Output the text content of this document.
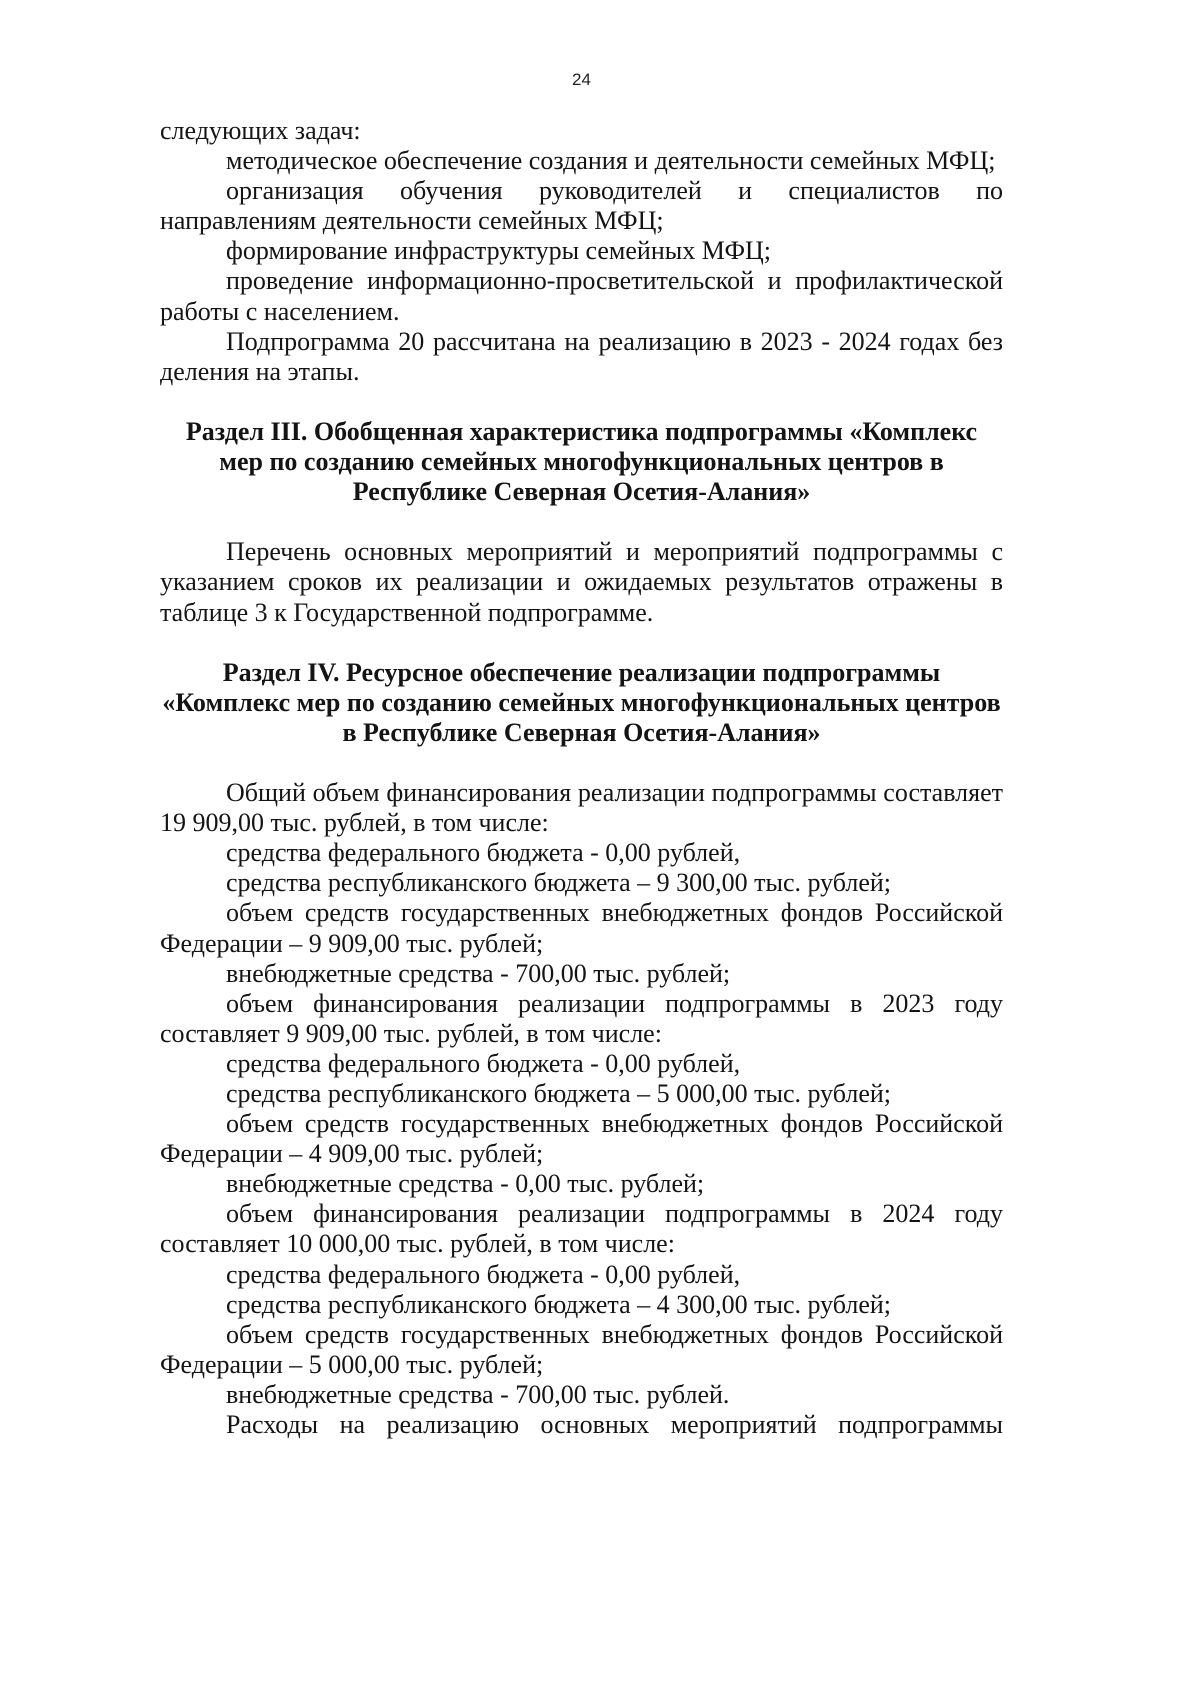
24
следующих задач:
методическое обеспечение создания и деятельности семейных МФЦ;
организация обучения руководителей и специалистов по
направлениям деятельности семейных МФЦ;
формирование инфраструктуры семейных МФЦ;
проведение информационно-просветительской и профилактической
работы с населением.
Подпрограмма 20 рассчитана на реализацию в 2023 - 2024 годах без
деления на этапы.
Раздел III. Обобщенная характеристика подпрограммы «Комплекс
мер по созданию семейных многофункциональных центров в
Республике Северная Осетия-Алания»
Перечень основных мероприятий и мероприятий подпрограммы с
указанием сроков их реализации и ожидаемых результатов отражены в
таблице 3 к Государственной подпрограмме.
Раздел IV. Ресурсное обеспечение реализации подпрограммы
«Комплекс мер по созданию семейных многофункциональных центров
в Республике Северная Осетия-Алания»
Общий объем финансирования реализации подпрограммы составляет
19 909,00 тыс. рублей, в том числе:
средства федерального бюджета - 0,00 рублей,
средства республиканского бюджета – 9 300,00 тыс. рублей;
объем средств государственных внебюджетных фондов Российской
Федерации – 9 909,00 тыс. рублей;
внебюджетные средства - 700,00 тыс. рублей;
объем финансирования реализации подпрограммы в 2023 году
составляет 9 909,00 тыс. рублей, в том числе:
средства федерального бюджета - 0,00 рублей,
средства республиканского бюджета – 5 000,00 тыс. рублей;
объем средств государственных внебюджетных фондов Российской
Федерации – 4 909,00 тыс. рублей;
внебюджетные средства - 0,00 тыс. рублей;
объем финансирования реализации подпрограммы в 2024 году
составляет 10 000,00 тыс. рублей, в том числе:
средства федерального бюджета - 0,00 рублей,
средства республиканского бюджета – 4 300,00 тыс. рублей;
объем средств государственных внебюджетных фондов Российской
Федерации – 5 000,00 тыс. рублей;
внебюджетные средства - 700,00 тыс. рублей.
Расходы на реализацию основных мероприятий подпрограммы
